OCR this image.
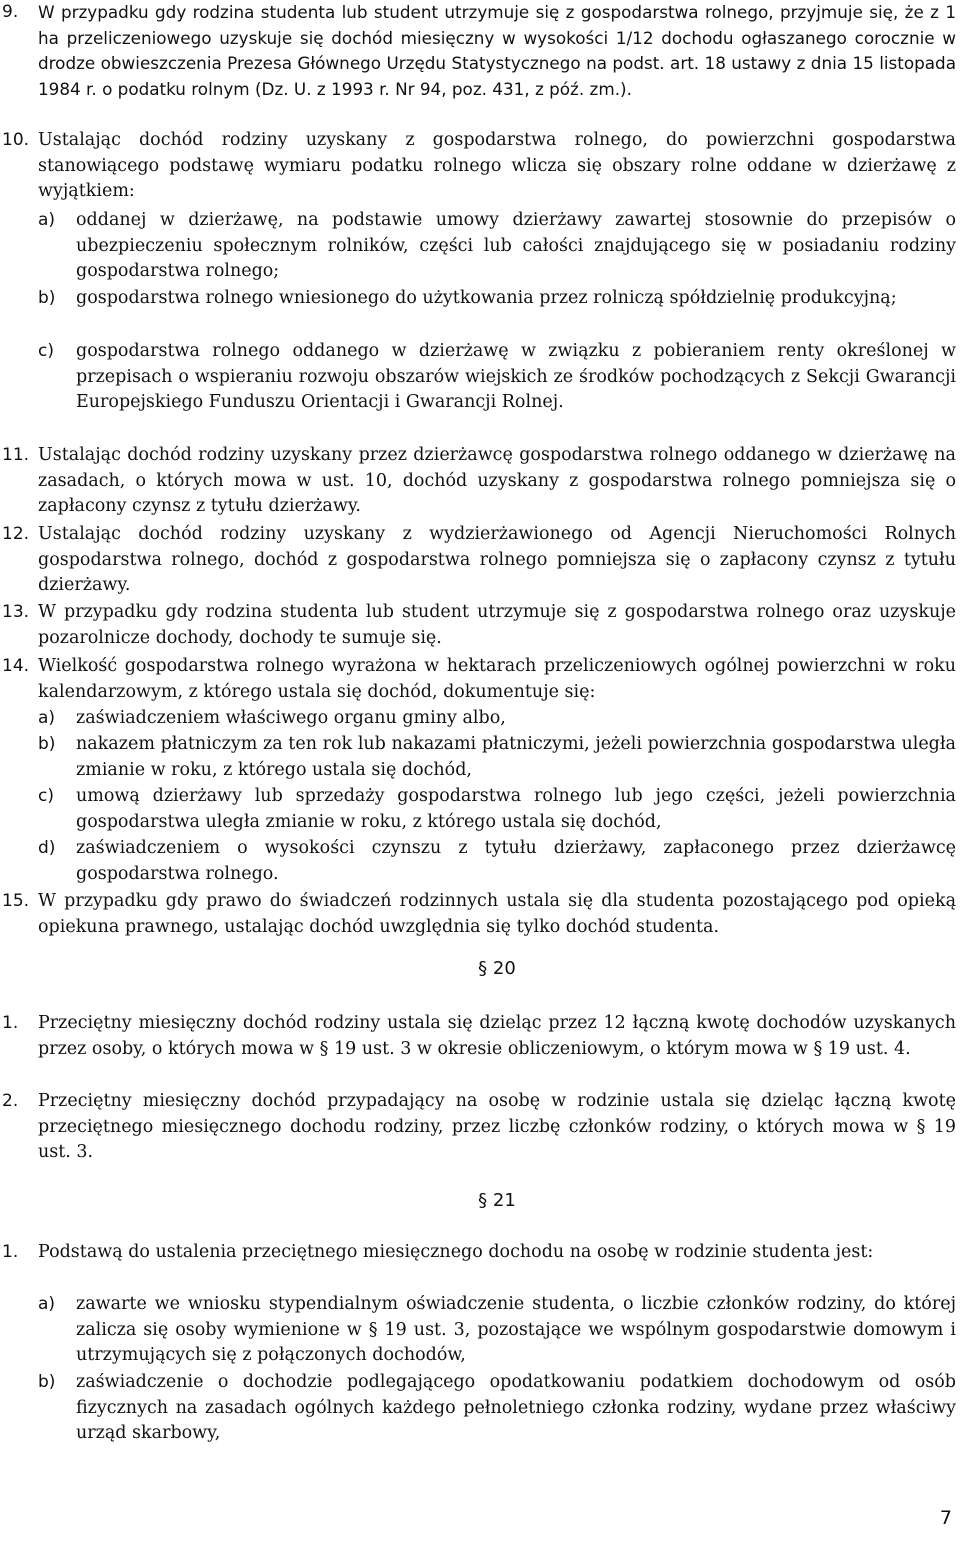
9. W przypadku gdy rodzina studenta lub student utrzymuje się z gospodarstwa rolnego, przyjmuje się, że z 1 ha przeliczeniowego uzyskuje się dochód miesięczny w wysokości 1/12 dochodu ogłaszanego corocznie w drodze obwieszczenia Prezesa Głównego Urzędu Statystycznego na podst. art. 18 ustawy z dnia 15 listopada 1984 r. o podatku rolnym (Dz. U. z 1993 r. Nr 94, poz. 431, z póź. zm.).
10. Ustalając dochód rodziny uzyskany z gospodarstwa rolnego, do powierzchni gospodarstwa stanowiącego podstawę wymiaru podatku rolnego wlicza się obszary rolne oddane w dzierżawę z wyjątkiem:
a) oddanej w dzierżawę, na podstawie umowy dzierżawy zawartej stosownie do przepisów o ubezpieczeniu społecznym rolników, części lub całości znajdującego się w posiadaniu rodziny gospodarstwa rolnego;
b) gospodarstwa rolnego wniesionego do użytkowania przez rolniczą spółdzielnię produkcyjną;
c) gospodarstwa rolnego oddanego w dzierżawę w związku z pobieraniem renty określonej w przepisach o wspieraniu rozwoju obszarów wiejskich ze środków pochodzących z Sekcji Gwarancji Europejskiego Funduszu Orientacji i Gwarancji Rolnej.
11. Ustalając dochód rodziny uzyskany przez dzierżawcę gospodarstwa rolnego oddanego w dzierżawę na zasadach, o których mowa w ust. 10, dochód uzyskany z gospodarstwa rolnego pomniejsza się o zapłacony czynsz z tytułu dzierżawy.
12. Ustalając dochód rodziny uzyskany z wydzierżawionego od Agencji Nieruchomości Rolnych gospodarstwa rolnego, dochód z gospodarstwa rolnego pomniejsza się o zapłacony czynsz z tytułu dzierżawy.
13. W przypadku gdy rodzina studenta lub student utrzymuje się z gospodarstwa rolnego oraz uzyskuje pozarolnicze dochody, dochody te sumuje się.
14. Wielkość gospodarstwa rolnego wyrażona w hektarach przeliczeniowych ogólnej powierzchni w roku kalendarzowym, z którego ustala się dochód, dokumentuje się:
a) zaświadczeniem właściwego organu gminy albo,
b) nakazem płatniczym za ten rok lub nakazami płatniczymi, jeżeli powierzchnia gospodarstwa uległa zmianie w roku, z którego ustala się dochód,
c) umową dzierżawy lub sprzedaży gospodarstwa rolnego lub jego części, jeżeli powierzchnia gospodarstwa uległa zmianie w roku, z którego ustala się dochód,
d) zaświadczeniem o wysokości czynszu z tytułu dzierżawy, zapłaconego przez dzierżawcę gospodarstwa rolnego.
15. W przypadku gdy prawo do świadczeń rodzinnych ustala się dla studenta pozostającego pod opieką opiekuna prawnego, ustalając dochód uwzględnia się tylko dochód studenta.
§ 20
1. Przeciętny miesięczny dochód rodziny ustala się dzieląc przez 12 łączną kwotę dochodów uzyskanych przez osoby, o których mowa w § 19 ust. 3 w okresie obliczeniowym, o którym mowa w § 19 ust. 4.
2. Przeciętny miesięczny dochód przypadający na osobę w rodzinie ustala się dzieląc łączną kwotę przeciętnego miesięcznego dochodu rodziny, przez liczbę członków rodziny, o których mowa w § 19 ust. 3.
§ 21
1. Podstawą do ustalenia przeciętnego miesięcznego dochodu na osobę w rodzinie studenta jest:
a) zawarte we wniosku stypendialnym oświadczenie studenta, o liczbie członków rodziny, do której zalicza się osoby wymienione w § 19 ust. 3, pozostające we wspólnym gospodarstwie domowym i utrzymujących się z połączonych dochodów,
b) zaświadczenie o dochodzie podlegającego opodatkowaniu podatkiem dochodowym od osób fizycznych na zasadach ogólnych każdego pełnoletniego członka rodziny, wydane przez właściwy urząd skarbowy,
7
